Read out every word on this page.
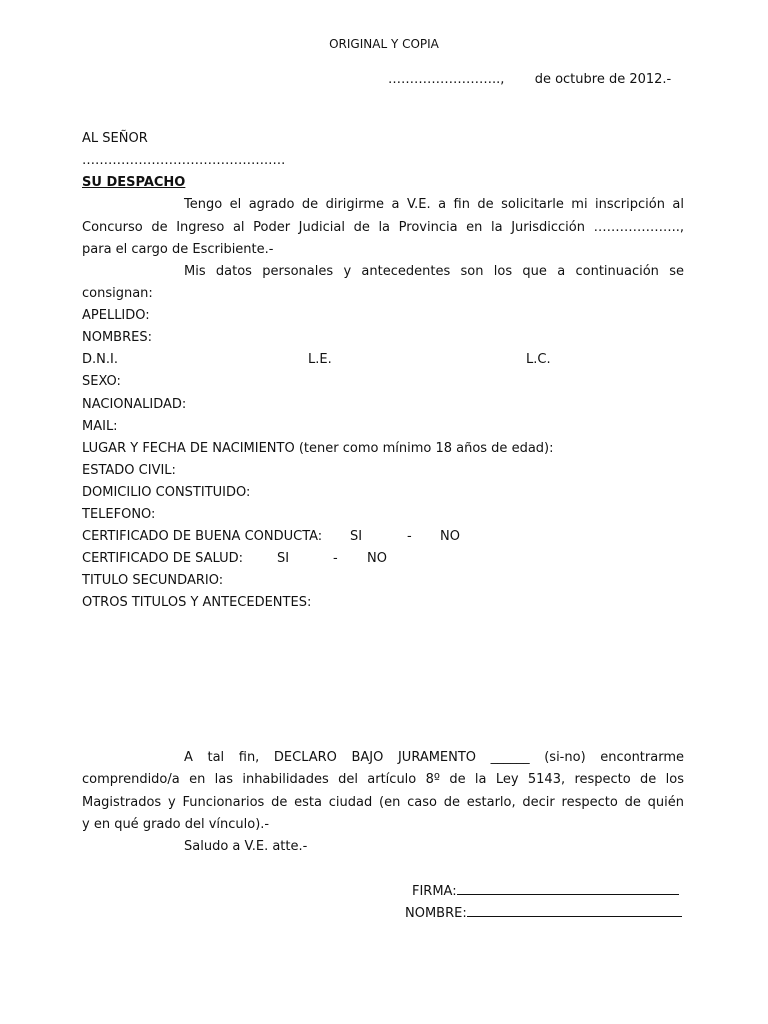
ORIGINAL Y COPIA
…………………….., de octubre de 2012.-
AL SEÑOR
…………………………………….….
SU DESPACHO
Tengo el agrado de dirigirme a V.E. a fin de solicitarle mi inscripción al
Concurso de Ingreso al Poder Judicial de la Provincia en la Jurisdicción ………………..,
para el cargo de Escribiente.-
Mis datos personales y antecedentes son los que a continuación se
consignan:
APELLIDO:
NOMBRES:
D.N.I.	L.E.	L.C.
SEXO:
NACIONALIDAD:
MAIL:
LUGAR Y FECHA DE NACIMIENTO (tener como mínimo 18 años de edad):
ESTADO CIVIL:
DOMICILIO CONSTITUIDO:
TELEFONO:
CERTIFICADO DE BUENA CONDUCTA: SI	- NO
CERTIFICADO DE SALUD:	SI	- NO
TITULO SECUNDARIO:
OTROS TITULOS Y ANTECEDENTES:
A tal fin, DECLARO BAJO JURAMENTO ______ (si-no) encontrarme
comprendido/a en las inhabilidades del artículo 8º de la Ley 5143, respecto de los
Magistrados y Funcionarios de esta ciudad (en caso de estarlo, decir respecto de quién
y en qué grado del vínculo).-
Saludo a V.E. atte.-
FIRMA:
NOMBRE:
